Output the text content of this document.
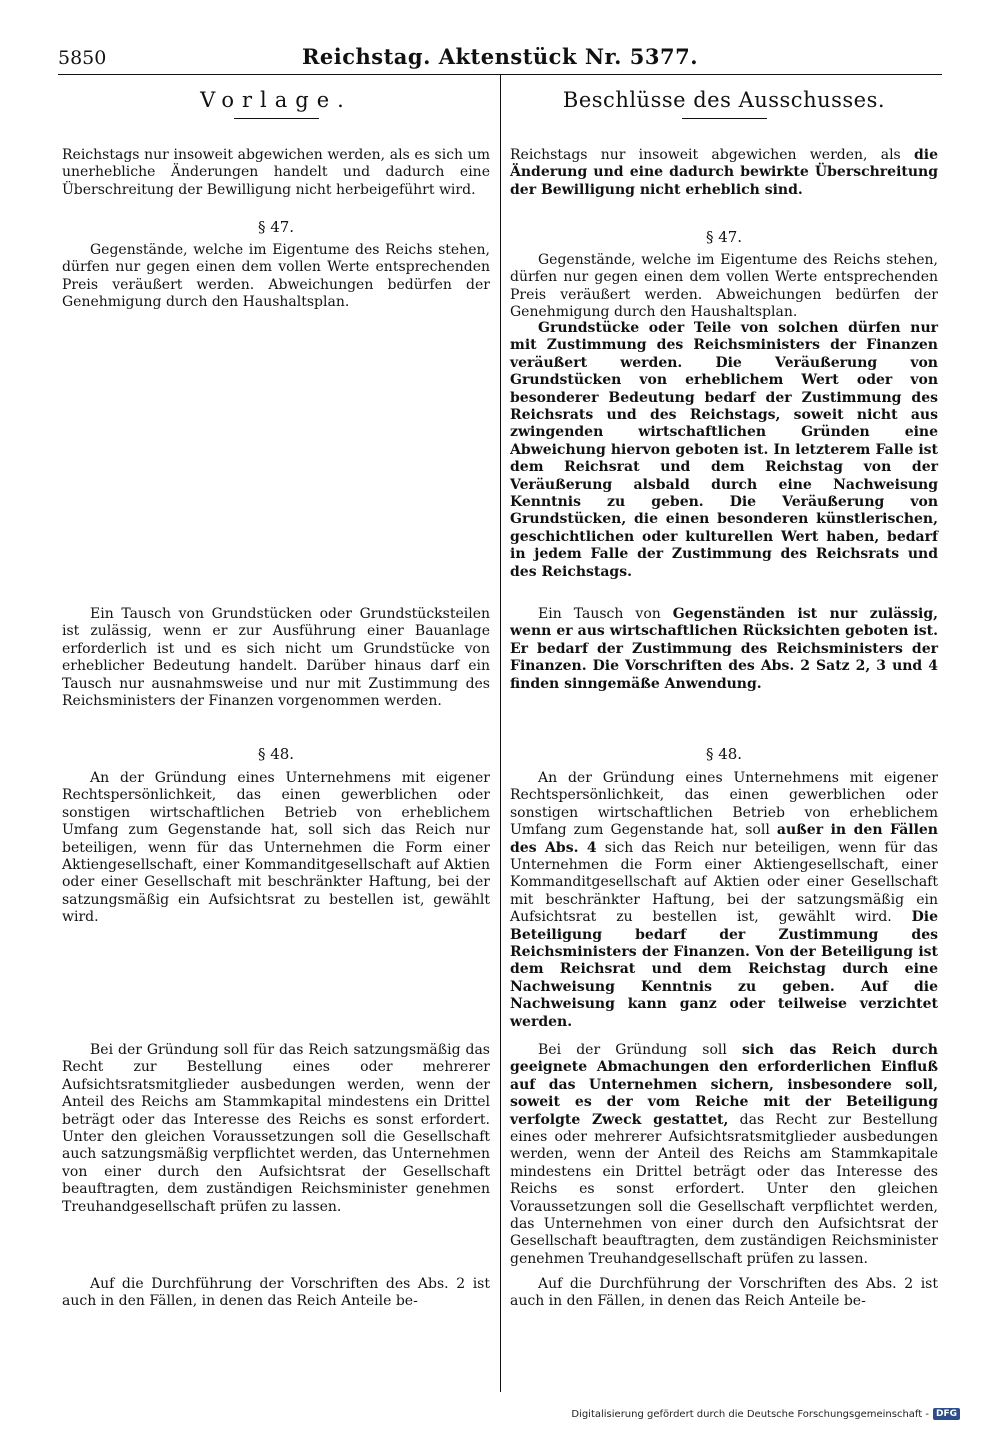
5850	Reichstag. Aktenstück Nr. 5377.
Vorlage.	Beschlüsse des Ausschusses.

Reichstags nur insoweit abgewichen werden, als es sich um unerhebliche Änderungen handelt und dadurch eine Überschreitung der Bewilligung nicht herbeigeführt wird.

§ 47.

Gegenstände, welche im Eigentume des Reichs stehen, dürfen nur gegen einen dem vollen Werte entsprechenden Preis veräußert werden. Abweichungen bedürfen der Genehmigung durch den Haushaltsplan.

Ein Tausch von Grundstücken oder Grundstücksteilen ist zulässig, wenn er zur Ausführung einer Bauanlage erforderlich ist und es sich nicht um Grundstücke von erheblicher Bedeutung handelt. Darüber hinaus darf ein Tausch nur ausnahmsweise und nur mit Zustimmung des Reichsministers der Finanzen vorgenommen werden.

§ 48.

An der Gründung eines Unternehmens mit eigener Rechtspersönlichkeit, das einen gewerblichen oder sonstigen wirtschaftlichen Betrieb von erheblichem Umfang zum Gegenstande hat, soll sich das Reich nur beteiligen, wenn für das Unternehmen die Form einer Aktiengesellschaft, einer Kommanditgesellschaft auf Aktien oder einer Gesellschaft mit beschränkter Haftung, bei der satzungsmäßig ein Aufsichtsrat zu bestellen ist, gewählt wird.

Bei der Gründung soll für das Reich satzungsmäßig das Recht zur Bestellung eines oder mehrerer Aufsichtsratsmitglieder ausbedungen werden, wenn der Anteil des Reichs am Stammkapital mindestens ein Drittel beträgt oder das Interesse des Reichs es sonst erfordert. Unter den gleichen Voraussetzungen soll die Gesellschaft auch satzungsmäßig verpflichtet werden, das Unternehmen von einer durch den Aufsichtsrat der Gesellschaft beauftragten, dem zuständigen Reichsminister genehmen Treuhandgesellschaft prüfen zu lassen.

Auf die Durchführung der Vorschriften des Abs. 2 ist auch in den Fällen, in denen das Reich Anteile be-

Reichstags nur insoweit abgewichen werden, als die Änderung und eine dadurch bewirkte Überschreitung der Bewilligung nicht erheblich sind.

§ 47.

Gegenstände, welche im Eigentume des Reichs stehen, dürfen nur gegen einen dem vollen Werte entsprechenden Preis veräußert werden. Abweichungen bedürfen der Genehmigung durch den Haushaltsplan.

Grundstücke oder Teile von solchen dürfen nur mit Zustimmung des Reichsministers der Finanzen veräußert werden. Die Veräußerung von Grundstücken von erheblichem Wert oder von besonderer Bedeutung bedarf der Zustimmung des Reichsrats und des Reichstags, soweit nicht aus zwingenden wirtschaftlichen Gründen eine Abweichung hiervon geboten ist. In letzterem Falle ist dem Reichsrat und dem Reichstag von der Veräußerung alsbald durch eine Nachweisung Kenntnis zu geben. Die Veräußerung von Grundstücken, die einen besonderen künstlerischen, geschichtlichen oder kulturellen Wert haben, bedarf in jedem Falle der Zustimmung des Reichsrats und des Reichstags.

Ein Tausch von Gegenständen ist nur zulässig, wenn er aus wirtschaftlichen Rücksichten geboten ist. Er bedarf der Zustimmung des Reichsministers der Finanzen. Die Vorschriften des Abs. 2 Satz 2, 3 und 4 finden sinngemäße Anwendung.

§ 48.

An der Gründung eines Unternehmens mit eigener Rechtspersönlichkeit, das einen gewerblichen oder sonstigen wirtschaftlichen Betrieb von erheblichem Umfang zum Gegenstande hat, soll außer in den Fällen des Abs. 4 sich das Reich nur beteiligen, wenn für das Unternehmen die Form einer Aktiengesellschaft, einer Kommanditgesellschaft auf Aktien oder einer Gesellschaft mit beschränkter Haftung, bei der satzungsmäßig ein Aufsichtsrat zu bestellen ist, gewählt wird. Die Beteiligung bedarf der Zustimmung des Reichsministers der Finanzen. Von der Beteiligung ist dem Reichsrat und dem Reichstag durch eine Nachweisung Kenntnis zu geben. Auf die Nachweisung kann ganz oder teilweise verzichtet werden.

Bei der Gründung soll sich das Reich durch geeignete Abmachungen den erforderlichen Einfluß auf das Unternehmen sichern, insbesondere soll, soweit es der vom Reiche mit der Beteiligung verfolgte Zweck gestattet, das Recht zur Bestellung eines oder mehrerer Aufsichtsratsmitglieder ausbedungen werden, wenn der Anteil des Reichs am Stammkapitale mindestens ein Drittel beträgt oder das Interesse des Reichs es sonst erfordert. Unter den gleichen Voraussetzungen soll die Gesellschaft verpflichtet werden, das Unternehmen von einer durch den Aufsichtsrat der Gesellschaft beauftragten, dem zuständigen Reichsminister genehmen Treuhandgesellschaft prüfen zu lassen.

Auf die Durchführung der Vorschriften des Abs. 2 ist auch in den Fällen, in denen das Reich Anteile be-

Digitalisierung gefördert durch die Deutsche Forschungsgemeinschaft - DFG
